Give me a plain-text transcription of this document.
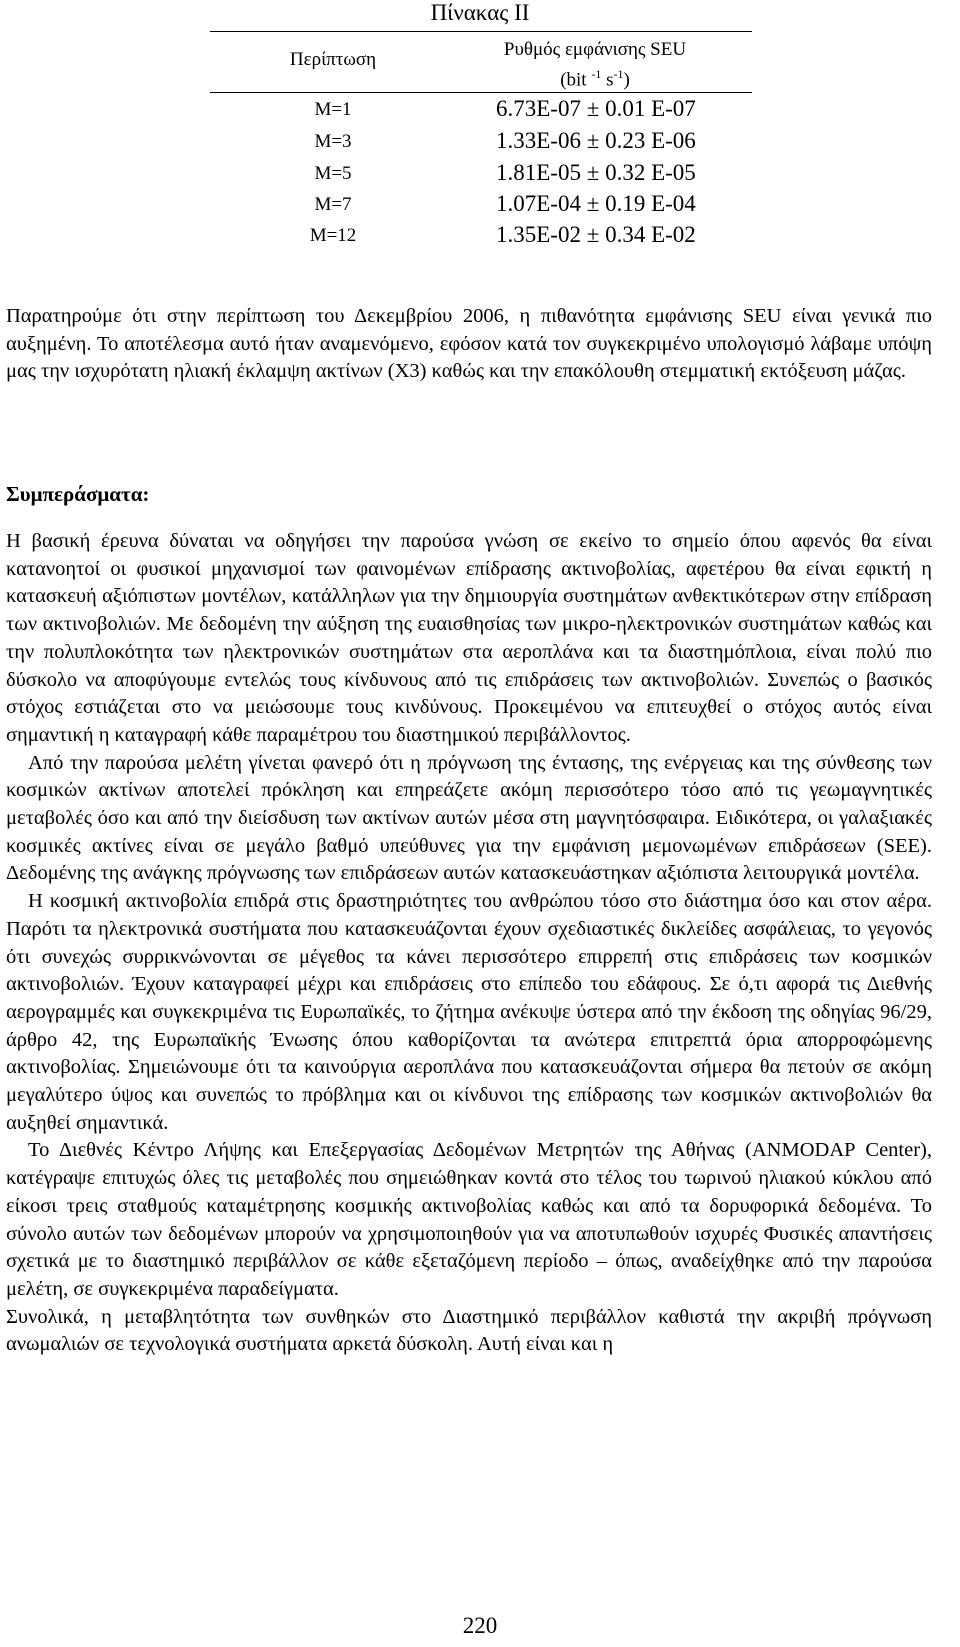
Πίνακας ΙΙ
Περίπτωση	Ρυθμός εμφάνισης SEU
(bit $^{-1}$ $s^{-1}$)
M=1	6.73E-07 ± 0.01 E-07
M=3	1.33E-06 ± 0.23 E-06
M=5	1.81E-05 ± 0.32 E-05
M=7	1.07E-04 ± 0.19 E-04
M=12	1.35E-02 ± 0.34 E-02

Παρατηρούμε ότι στην περίπτωση του Δεκεμβρίου 2006, η πιθανότητα εμφάνισης SEU είναι γενικά πιο αυξημένη. Το αποτέλεσμα αυτό ήταν αναμενόμενο, εφόσον κατά τον συγκεκριμένο υπολογισμό λάβαμε υπόψη μας την ισχυρότατη ηλιακή έκλαμψη ακτίνων (X3) καθώς και την επακόλουθη στεμματική εκτόξευση μάζας.

Συμπεράσματα:

Η βασική έρευνα δύναται να οδηγήσει την παρούσα γνώση σε εκείνο το σημείο όπου αφενός θα είναι κατανοητοί οι φυσικοί μηχανισμοί των φαινομένων επίδρασης ακτινοβολίας, αφετέρου θα είναι εφικτή η κατασκευή αξιόπιστων μοντέλων, κατάλληλων για την δημιουργία συστημάτων ανθεκτικότερων στην επίδραση των ακτινοβολιών. Με δεδομένη την αύξηση της ευαισθησίας των μικρο-ηλεκτρονικών συστημάτων καθώς και την πολυπλοκότητα των ηλεκτρονικών συστημάτων στα αεροπλάνα και τα διαστημόπλοια, είναι πολύ πιο δύσκολο να αποφύγουμε εντελώς τους κίνδυνους από τις επιδράσεις των ακτινοβολιών. Συνεπώς ο βασικός στόχος εστιάζεται στο να μειώσουμε τους κινδύνους. Προκειμένου να επιτευχθεί ο στόχος αυτός είναι σημαντική η καταγραφή κάθε παραμέτρου του διαστημικού περιβάλλοντος.

Από την παρούσα μελέτη γίνεται φανερό ότι η πρόγνωση της έντασης, της ενέργειας και της σύνθεσης των κοσμικών ακτίνων αποτελεί πρόκληση και επηρεάζετε ακόμη περισσότερο τόσο από τις γεωμαγνητικές μεταβολές όσο και από την διείσδυση των ακτίνων αυτών μέσα στη μαγνητόσφαιρα. Ειδικότερα, οι γαλαξιακές κοσμικές ακτίνες είναι σε μεγάλο βαθμό υπεύθυνες για την εμφάνιση μεμονωμένων επιδράσεων (SEE). Δεδομένης της ανάγκης πρόγνωσης των επιδράσεων αυτών κατασκευάστηκαν αξιόπιστα λειτουργικά μοντέλα.

Η κοσμική ακτινοβολία επιδρά στις δραστηριότητες του ανθρώπου τόσο στο διάστημα όσο και στον αέρα. Παρότι τα ηλεκτρονικά συστήματα που κατασκευάζονται έχουν σχεδιαστικές δικλείδες ασφάλειας, το γεγονός ότι συνεχώς συρρικνώνονται σε μέγεθος τα κάνει περισσότερο επιρρεπή στις επιδράσεις των κοσμικών ακτινοβολιών. Έχουν καταγραφεί μέχρι και επιδράσεις στο επίπεδο του εδάφους. Σε ό,τι αφορά τις Διεθνής αερογραμμές και συγκεκριμένα τις Ευρωπαϊκές, το ζήτημα ανέκυψε ύστερα από την έκδοση της οδηγίας 96/29, άρθρο 42, της Ευρωπαϊκής Ένωσης όπου καθορίζονται τα ανώτερα επιτρεπτά όρια απορροφώμενης ακτινοβολίας. Σημειώνουμε ότι τα καινούργια αεροπλάνα που κατασκευάζονται σήμερα θα πετούν σε ακόμη μεγαλύτερο ύψος και συνεπώς το πρόβλημα και οι κίνδυνοι της επίδρασης των κοσμικών ακτινοβολιών θα αυξηθεί σημαντικά.

Το Διεθνές Κέντρο Λήψης και Επεξεργασίας Δεδομένων Μετρητών της Αθήνας (ANMODAP Center), κατέγραψε επιτυχώς όλες τις μεταβολές που σημειώθηκαν κοντά στο τέλος του τωρινού ηλιακού κύκλου από είκοσι τρεις σταθμούς καταμέτρησης κοσμικής ακτινοβολίας καθώς και από τα δορυφορικά δεδομένα. Το σύνολο αυτών των δεδομένων μπορούν να χρησιμοποιηθούν για να αποτυπωθούν ισχυρές Φυσικές απαντήσεις σχετικά με το διαστημικό περιβάλλον σε κάθε εξεταζόμενη περίοδο – όπως, αναδείχθηκε από την παρούσα μελέτη, σε συγκεκριμένα παραδείγματα.

Συνολικά, η μεταβλητότητα των συνθηκών στο Διαστημικό περιβάλλον καθιστά την ακριβή πρόγνωση ανωμαλιών σε τεχνολογικά συστήματα αρκετά δύσκολη. Αυτή είναι και η

220
